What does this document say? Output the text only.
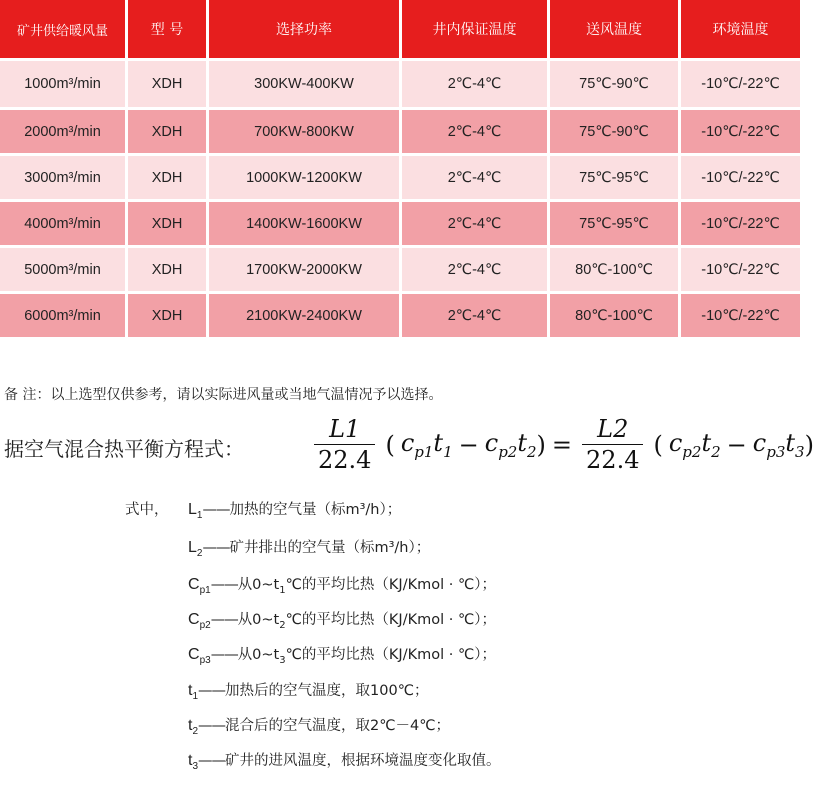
矿井供给暖风量	型 号	选择功率	井内保证温度	送风温度	环境温度
1000m³/min	XDH	300KW-400KW	2℃-4℃	75℃-90℃	-10℃/-22℃
2000m³/min	XDH	700KW-800KW	2℃-4℃	75℃-90℃	-10℃/-22℃
3000m³/min	XDH	1000KW-1200KW	2℃-4℃	75℃-95℃	-10℃/-22℃
4000m³/min	XDH	1400KW-1600KW	2℃-4℃	75℃-95℃	-10℃/-22℃
5000m³/min	XDH	1700KW-2000KW	2℃-4℃	80℃-100℃	-10℃/-22℃
6000m³/min	XDH	2100KW-2400KW	2℃-4℃	80℃-100℃	-10℃/-22℃
备 注：以上选型仅供参考，请以实际进风量或当地气温情况予以选择。
据空气混合热平衡方程式：	$\frac{L1}{22.4}$ ( $c_{p1}$ $t_1 - c_{p2}$ $t_2$ ) = $\frac{L2}{22.4}$ ( $c_{p2}$ $t_2 - c_{p3}$ $t_3$ )
式中， $L_1——$加热的空气量（标m³/h）；
$L_2——$矿井排出的空气量（标m³/h）；
$C_{p1}——$从$0\sim t_1℃$的平均比热（KJ/Kmol · ℃）；
$C_{p2}——$从$0\sim t_2℃$的平均比热（KJ/Kmol · ℃）；
$C_{p3}——$从$0\sim t_3℃$的平均比热（KJ/Kmol · ℃）；
$t_1——$加热后的空气温度，取100℃；
$t_2——$混合后的空气温度，取2℃－4℃；
$t_3——$矿井的进风温度，根据环境温度变化取值。
